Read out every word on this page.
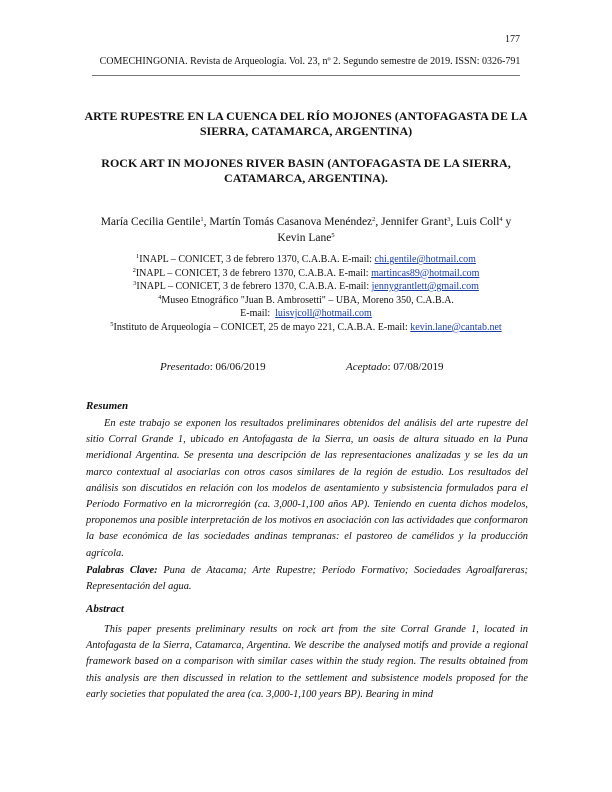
177
COMECHINGONIA. Revista de Arqueología. Vol. 23, nº 2. Segundo semestre de 2019. ISSN: 0326-791
ARTE RUPESTRE EN LA CUENCA DEL RÍO MOJONES (ANTOFAGASTA DE LA SIERRA, CATAMARCA, ARGENTINA)
ROCK ART IN MOJONES RIVER BASIN (ANTOFAGASTA DE LA SIERRA, CATAMARCA, ARGENTINA).
María Cecilia Gentile$^1$, Martín Tomás Casanova Menéndez$^2$, Jennifer Grant$^3$, Luis Coll$^4$ y
Kevin Lane$^5$
$^1$INAPL – CONICET, 3 de febrero 1370, C.A.B.A. E-mail: chi.gentile@hotmail.com
$^2$INAPL – CONICET, 3 de febrero 1370, C.A.B.A. E-mail: martincas89@hotmail.com
$^3$INAPL – CONICET, 3 de febrero 1370, C.A.B.A. E-mail: jennygrantlett@gmail.com
$^4$Museo Etnográfico "Juan B. Ambrosetti" – UBA, Moreno 350, C.A.B.A.
E-mail: luisvjcoll@hotmail.com
$^5$Instituto de Arqueología – CONICET, 25 de mayo 221, C.A.B.A. E-mail: kevin.lane@cantab.net
Presentado: 06/06/2019	Aceptado: 07/08/2019
Resumen
En este trabajo se exponen los resultados preliminares obtenidos del análisis del arte rupestre del sitio Corral Grande 1, ubicado en Antofagasta de la Sierra, un oasis de altura situado en la Puna meridional Argentina. Se presenta una descripción de las representaciones analizadas y se les da un marco contextual al asociarlas con otros casos similares de la región de estudio. Los resultados del análisis son discutidos en relación con los modelos de asentamiento y subsistencia formulados para el Período Formativo en la microrregión (ca. 3,000-1,100 años AP). Teniendo en cuenta dichos modelos, proponemos una posible interpretación de los motivos en asociación con las actividades que conformaron la base económica de las sociedades andinas tempranas: el pastoreo de camélidos y la producción agrícola.
Palabras Clave: Puna de Atacama; Arte Rupestre; Período Formativo; Sociedades Agroalfareras; Representación del agua.
Abstract
This paper presents preliminary results on rock art from the site Corral Grande 1, located in Antofagasta de la Sierra, Catamarca, Argentina. We describe the analysed motifs and provide a regional framework based on a comparison with similar cases within the study region. The results obtained from this analysis are then discussed in relation to the settlement and subsistence models proposed for the early societies that populated the area (ca. 3,000-1,100 years BP). Bearing in mind
